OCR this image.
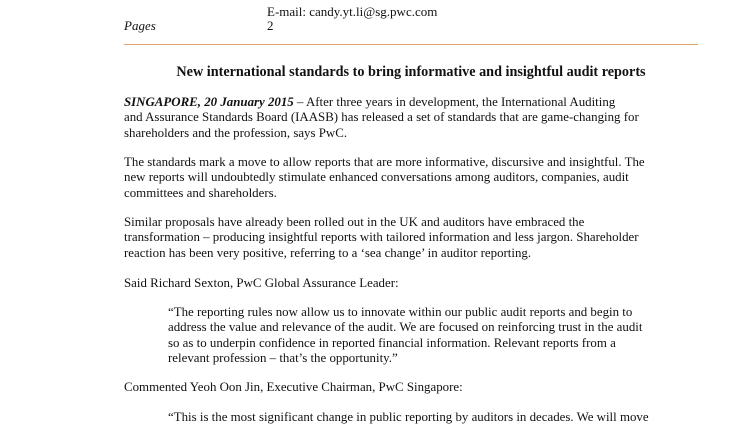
E-mail: candy.yt.li@sg.pwc.com
Pages	2
New international standards to bring informative and insightful audit reports
SINGAPORE, 20 January 2015 – After three years in development, the International Auditing
and Assurance Standards Board (IAASB) has released a set of standards that are game-changing for
shareholders and the profession, says PwC.
The standards mark a move to allow reports that are more informative, discursive and insightful. The
new reports will undoubtedly stimulate enhanced conversations among auditors, companies, audit
committees and shareholders.
Similar proposals have already been rolled out in the UK and auditors have embraced the
transformation – producing insightful reports with tailored information and less jargon. Shareholder
reaction has been very positive, referring to a ‘sea change’ in auditor reporting.
Said Richard Sexton, PwC Global Assurance Leader:
“The reporting rules now allow us to innovate within our public audit reports and begin to
address the value and relevance of the audit. We are focused on reinforcing trust in the audit
so as to underpin confidence in reported financial information. Relevant reports from a
relevant profession – that’s the opportunity.”
Commented Yeoh Oon Jin, Executive Chairman, PwC Singapore:
“This is the most significant change in public reporting by auditors in decades. We will move
